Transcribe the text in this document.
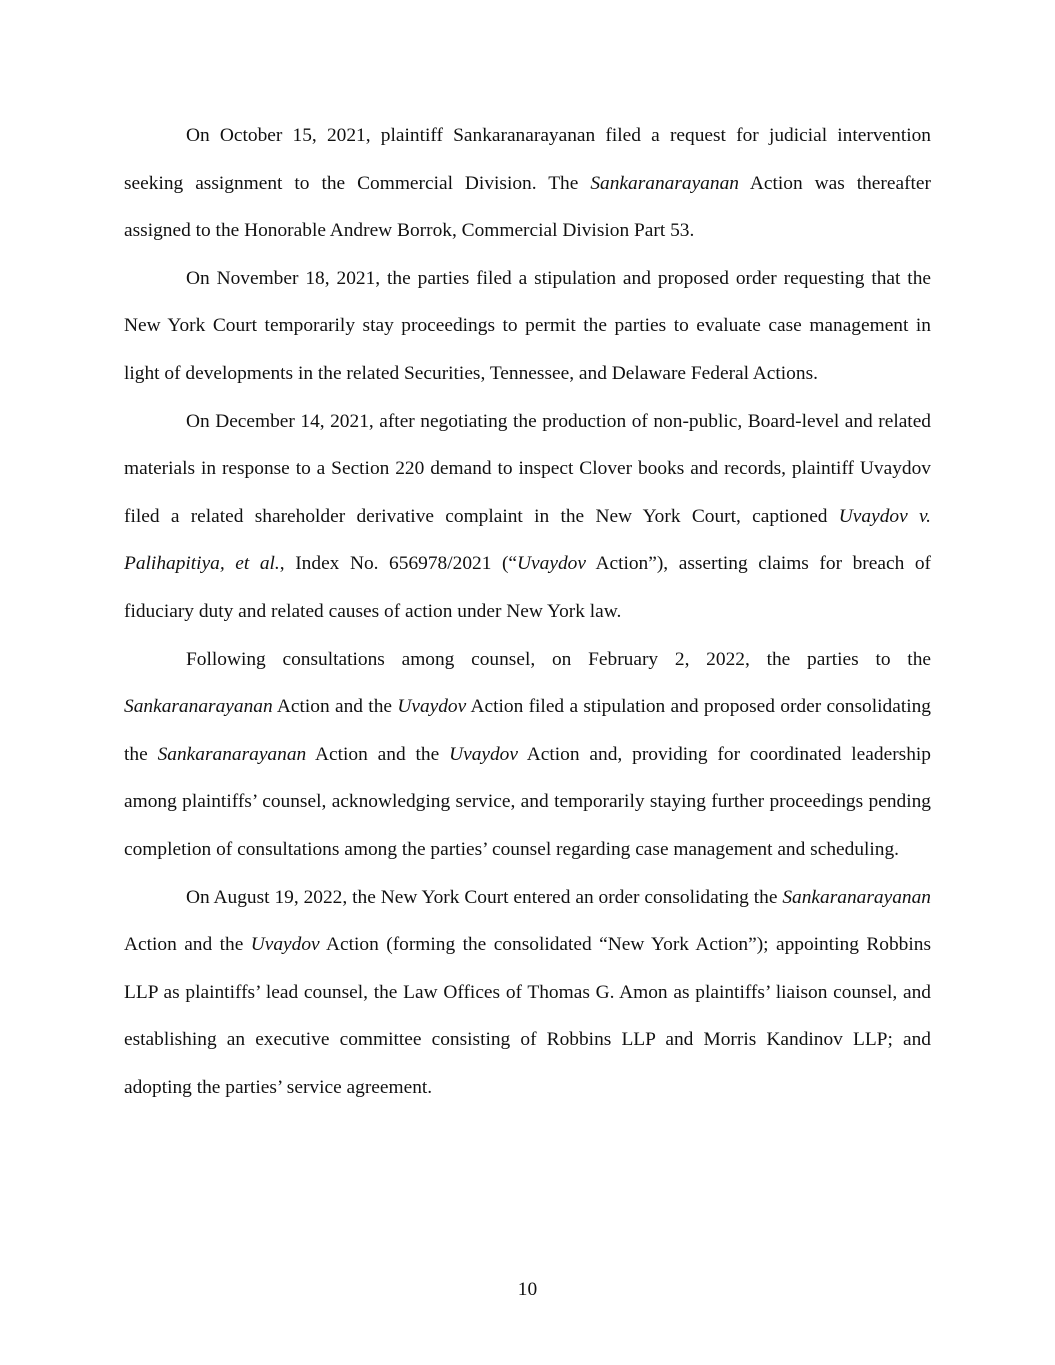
On October 15, 2021, plaintiff Sankaranarayanan filed a request for judicial intervention seeking assignment to the Commercial Division. The Sankaranarayanan Action was thereafter assigned to the Honorable Andrew Borrok, Commercial Division Part 53.

On November 18, 2021, the parties filed a stipulation and proposed order requesting that the New York Court temporarily stay proceedings to permit the parties to evaluate case management in light of developments in the related Securities, Tennessee, and Delaware Federal Actions.

On December 14, 2021, after negotiating the production of non-public, Board-level and related materials in response to a Section 220 demand to inspect Clover books and records, plaintiff Uvaydov filed a related shareholder derivative complaint in the New York Court, captioned Uvaydov v. Palihapitiya, et al., Index No. 656978/2021 (“Uvaydov Action”), asserting claims for breach of fiduciary duty and related causes of action under New York law.

Following consultations among counsel, on February 2, 2022, the parties to the Sankaranarayanan Action and the Uvaydov Action filed a stipulation and proposed order consolidating the Sankaranarayanan Action and the Uvaydov Action and, providing for coordinated leadership among plaintiffs’ counsel, acknowledging service, and temporarily staying further proceedings pending completion of consultations among the parties’ counsel regarding case management and scheduling.

On August 19, 2022, the New York Court entered an order consolidating the Sankaranarayanan Action and the Uvaydov Action (forming the consolidated “New York Action”); appointing Robbins LLP as plaintiffs’ lead counsel, the Law Offices of Thomas G. Amon as plaintiffs’ liaison counsel, and establishing an executive committee consisting of Robbins LLP and Morris Kandinov LLP; and adopting the parties’ service agreement.

10
